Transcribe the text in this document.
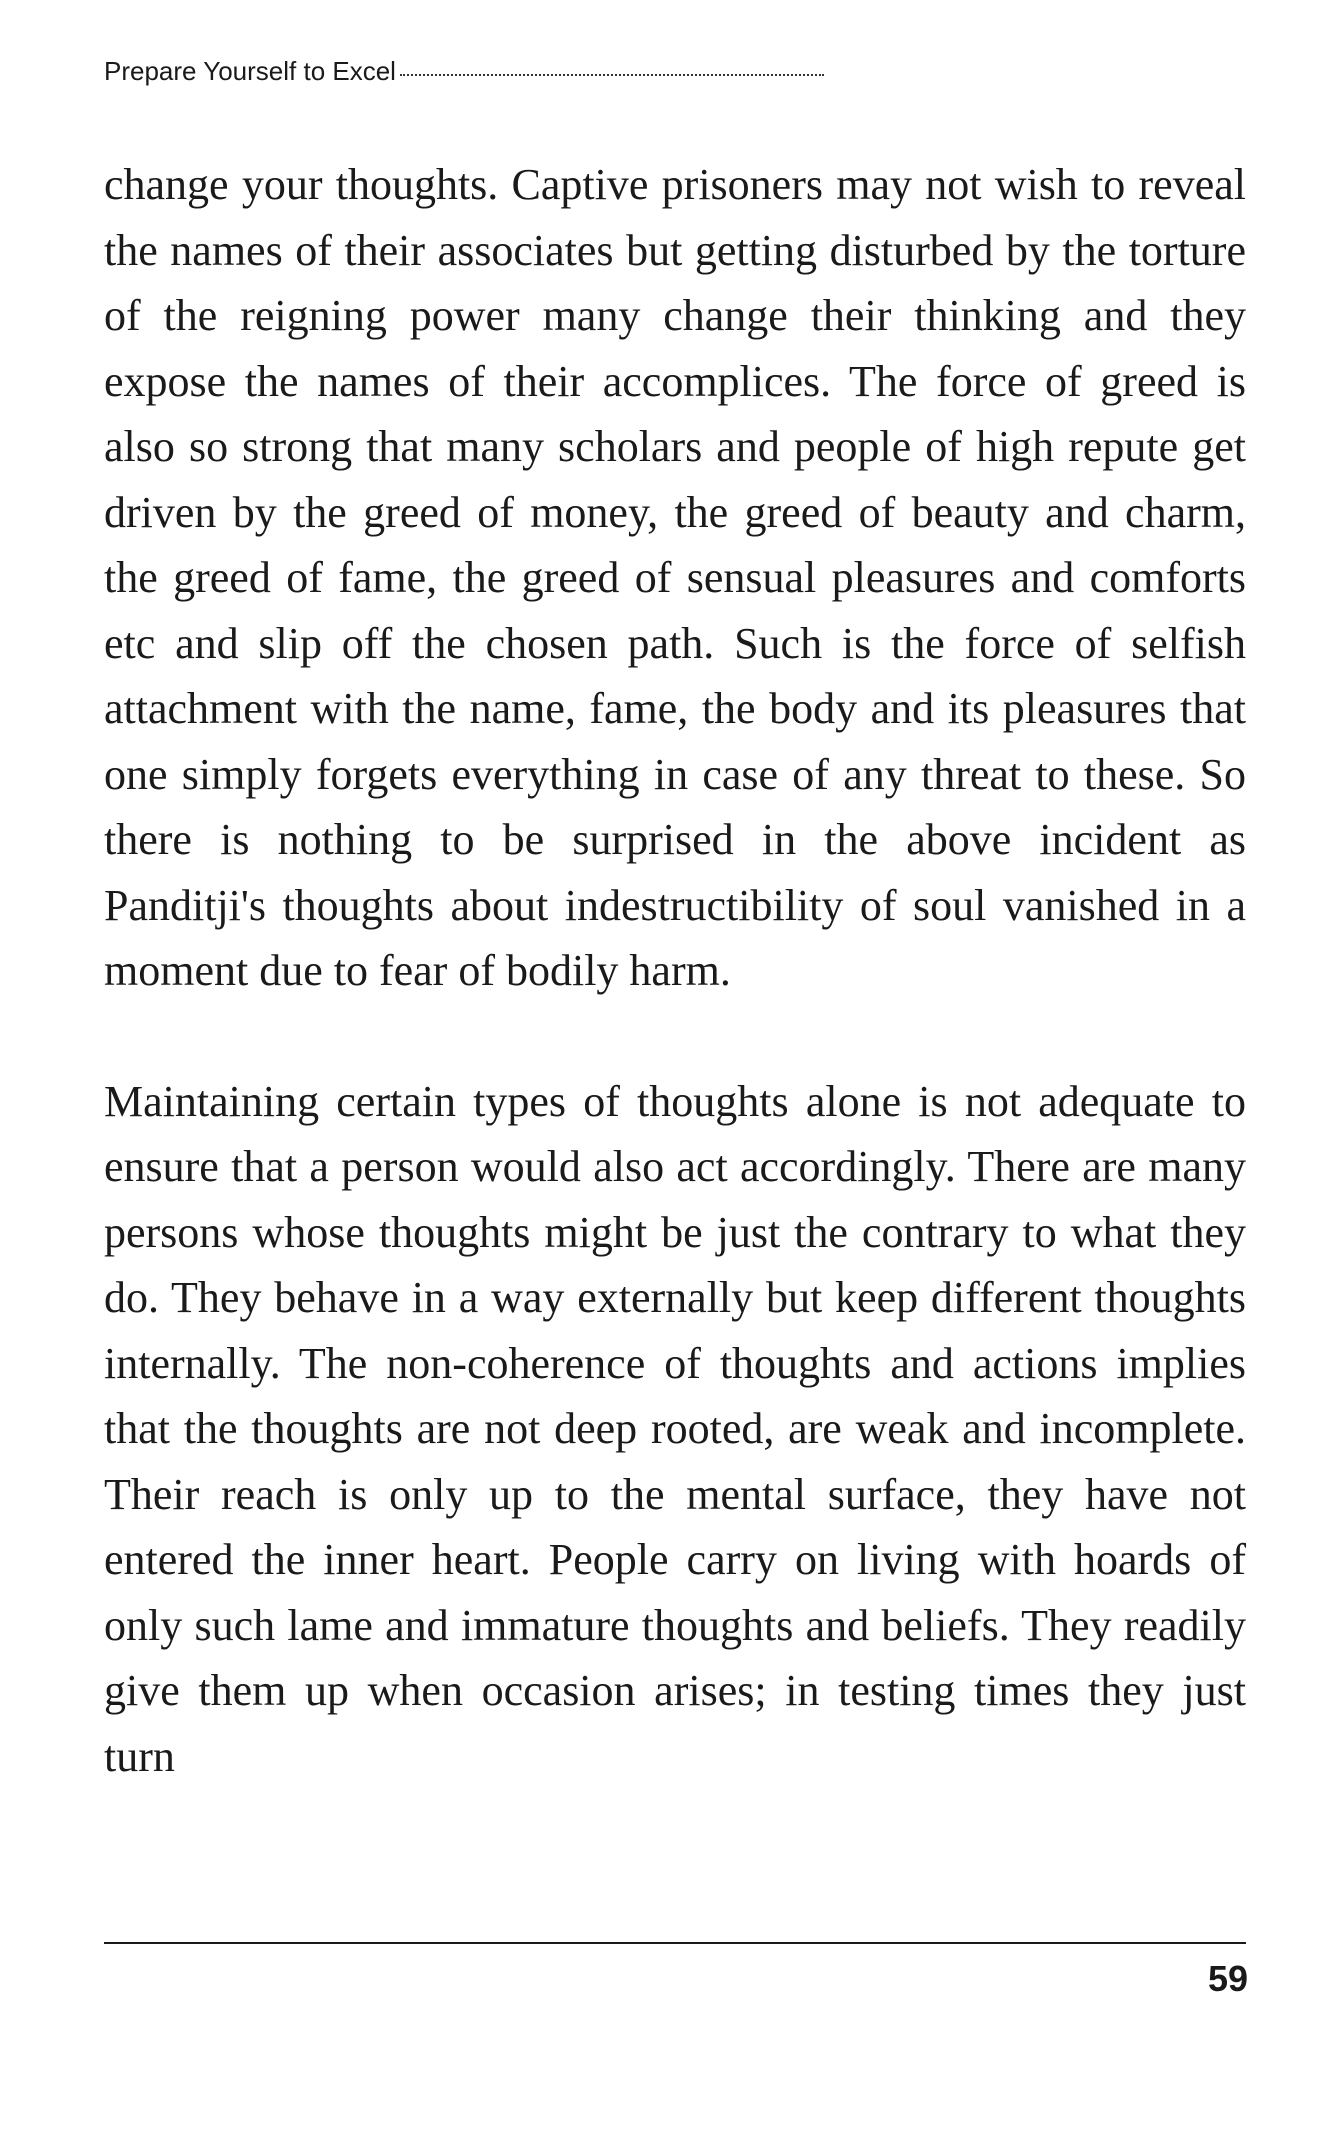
Prepare Yourself to Excel

change your thoughts. Captive prisoners may not wish to reveal the names of their associates but getting disturbed by the torture of the reigning power many change their thinking and they expose the names of their accomplices. The force of greed is also so strong that many scholars and people of high repute get driven by the greed of money, the greed of beauty and charm, the greed of fame, the greed of sensual pleasures and comforts etc and slip off the chosen path. Such is the force of selfish attachment with the name, fame, the body and its pleasures that one simply forgets everything in case of any threat to these. So there is nothing to be surprised in the above incident as Panditji's thoughts about indestructibility of soul vanished in a moment due to fear of bodily harm.

Maintaining certain types of thoughts alone is not adequate to ensure that a person would also act accordingly. There are many persons whose thoughts might be just the contrary to what they do. They behave in a way externally but keep different thoughts internally. The non-coherence of thoughts and actions implies that the thoughts are not deep rooted, are weak and incomplete. Their reach is only up to the mental surface, they have not entered the inner heart. People carry on living with hoards of only such lame and immature thoughts and beliefs. They readily give them up when occasion arises; in testing times they just turn

59
